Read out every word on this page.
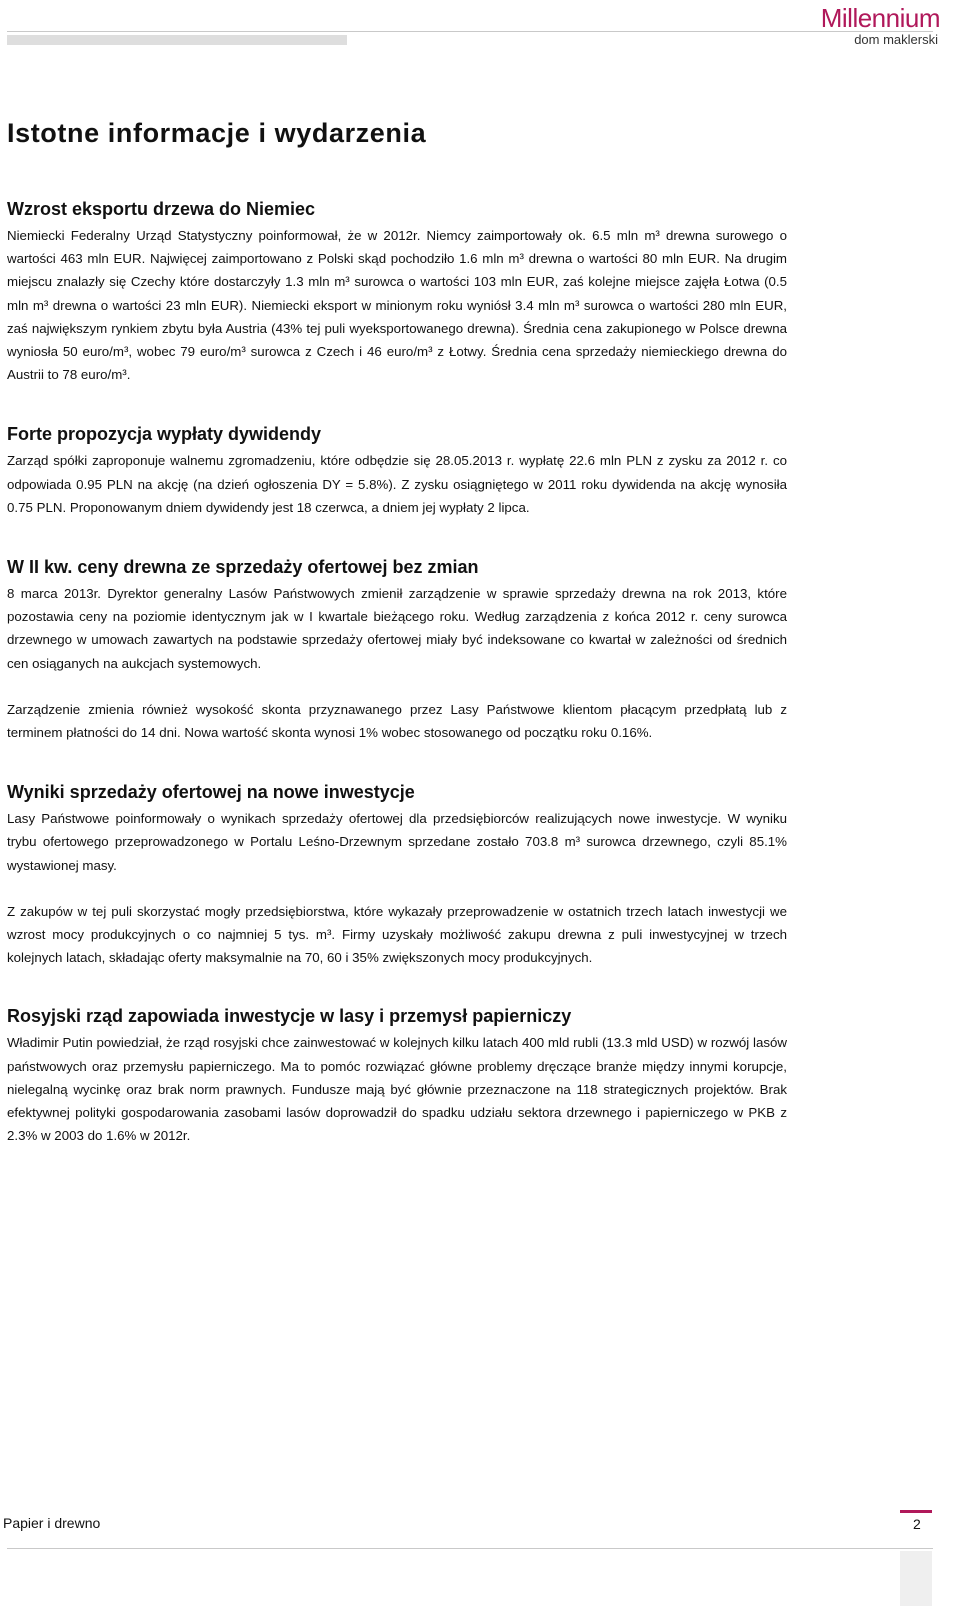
Millennium
dom maklerski
Istotne informacje i wydarzenia
Wzrost eksportu drzewa do Niemiec

Niemiecki Federalny Urząd Statystyczny poinformował, że w 2012r. Niemcy zaimportowały ok. 6.5 mln m³ drewna surowego o wartości 463 mln EUR. Najwięcej zaimportowano z Polski skąd pochodziło 1.6 mln m³ drewna o wartości 80 mln EUR. Na drugim miejscu znalazły się Czechy które dostarczyły 1.3 mln m³ surowca o wartości 103 mln EUR, zaś kolejne miejsce zajęła Łotwa (0.5 mln m³ drewna o wartości 23 mln EUR). Niemiecki eksport w minionym roku wyniósł 3.4 mln m³ surowca o wartości 280 mln EUR, zaś największym rynkiem zbytu była Austria (43% tej puli wyeksportowanego drewna). Średnia cena zakupionego w Polsce drewna wyniosła 50 euro/m³, wobec 79 euro/m³ surowca z Czech i 46 euro/m³ z Łotwy. Średnia cena sprzedaży niemieckiego drewna do Austrii to 78 euro/m³.

Forte propozycja wypłaty dywidendy

Zarząd spółki zaproponuje walnemu zgromadzeniu, które odbędzie się 28.05.2013 r. wypłatę 22.6 mln PLN z zysku za 2012 r. co odpowiada 0.95 PLN na akcję (na dzień ogłoszenia DY = 5.8%). Z zysku osiągniętego w 2011 roku dywidenda na akcję wynosiła 0.75 PLN. Proponowanym dniem dywidendy jest 18 czerwca, a dniem jej wypłaty 2 lipca.

W II kw. ceny drewna ze sprzedaży ofertowej bez zmian

8 marca 2013r. Dyrektor generalny Lasów Państwowych zmienił zarządzenie w sprawie sprzedaży drewna na rok 2013, które pozostawia ceny na poziomie identycznym jak w I kwartale bieżącego roku. Według zarządzenia z końca 2012 r. ceny surowca drzewnego w umowach zawartych na podstawie sprzedaży ofertowej miały być indeksowane co kwartał w zależności od średnich cen osiąganych na aukcjach systemowych.

Zarządzenie zmienia również wysokość skonta przyznawanego przez Lasy Państwowe klientom płacącym przedpłatą lub z terminem płatności do 14 dni. Nowa wartość skonta wynosi 1% wobec stosowanego od początku roku 0.16%.

Wyniki sprzedaży ofertowej na nowe inwestycje

Lasy Państwowe poinformowały o wynikach sprzedaży ofertowej dla przedsiębiorców realizujących nowe inwestycje. W wyniku trybu ofertowego przeprowadzonego w Portalu Leśno-Drzewnym sprzedane zostało 703.8 m³ surowca drzewnego, czyli 85.1% wystawionej masy.

Z zakupów w tej puli skorzystać mogły przedsiębiorstwa, które wykazały przeprowadzenie w ostatnich trzech latach inwestycji we wzrost mocy produkcyjnych o co najmniej 5 tys. m³. Firmy uzyskały możliwość zakupu drewna z puli inwestycyjnej w trzech kolejnych latach, składając oferty maksymalnie na 70, 60 i 35% zwiększonych mocy produkcyjnych.

Rosyjski rząd zapowiada inwestycje w lasy i przemysł papierniczy

Władimir Putin powiedział, że rząd rosyjski chce zainwestować w kolejnych kilku latach 400 mld rubli (13.3 mld USD) w rozwój lasów państwowych oraz przemysłu papierniczego. Ma to pomóc rozwiązać główne problemy dręczące branże między innymi korupcje, nielegalną wycinkę oraz brak norm prawnych. Fundusze mają być głównie przeznaczone na 118 strategicznych projektów. Brak efektywnej polityki gospodarowania zasobami lasów doprowadził do spadku udziału sektora drzewnego i papierniczego w PKB z 2.3% w 2003 do 1.6% w 2012r.

Papier i drewno	2
